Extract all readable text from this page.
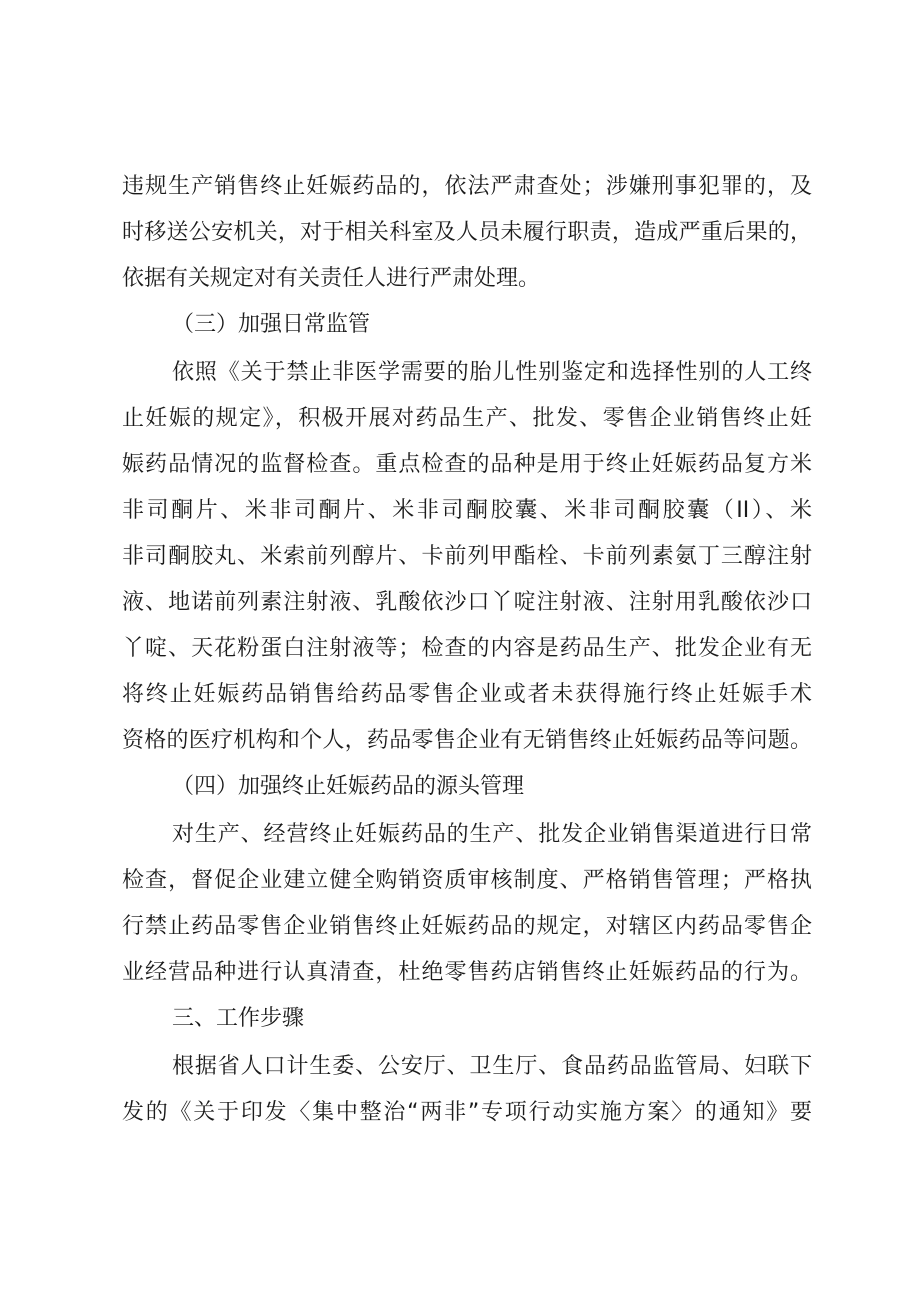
违规生产销售终止妊娠药品的，依法严肃查处；涉嫌刑事犯罪的，及
时移送公安机关，对于相关科室及人员未履行职责，造成严重后果的，
依据有关规定对有关责任人进行严肃处理。
（三）加强日常监管
依照《关于禁止非医学需要的胎儿性别鉴定和选择性别的人工终
止妊娠的规定》，积极开展对药品生产、批发、零售企业销售终止妊
娠药品情况的监督检查。重点检查的品种是用于终止妊娠药品复方米
非司酮片、米非司酮片、米非司酮胶囊、米非司酮胶囊（II）、米
非司酮胶丸、米索前列醇片、卡前列甲酯栓、卡前列素氨丁三醇注射
液、地诺前列素注射液、乳酸依沙口丫啶注射液、注射用乳酸依沙口
丫啶、天花粉蛋白注射液等；检查的内容是药品生产、批发企业有无
将终止妊娠药品销售给药品零售企业或者未获得施行终止妊娠手术
资格的医疗机构和个人，药品零售企业有无销售终止妊娠药品等问题。
（四）加强终止妊娠药品的源头管理
对生产、经营终止妊娠药品的生产、批发企业销售渠道进行日常
检查，督促企业建立健全购销资质审核制度、严格销售管理；严格执
行禁止药品零售企业销售终止妊娠药品的规定，对辖区内药品零售企
业经营品种进行认真清查，杜绝零售药店销售终止妊娠药品的行为。
三、工作步骤
根据省人口计生委、公安厅、卫生厅、食品药品监管局、妇联下
发的《关于印发〈集中整治“两非”专项行动实施方案〉的通知》要
